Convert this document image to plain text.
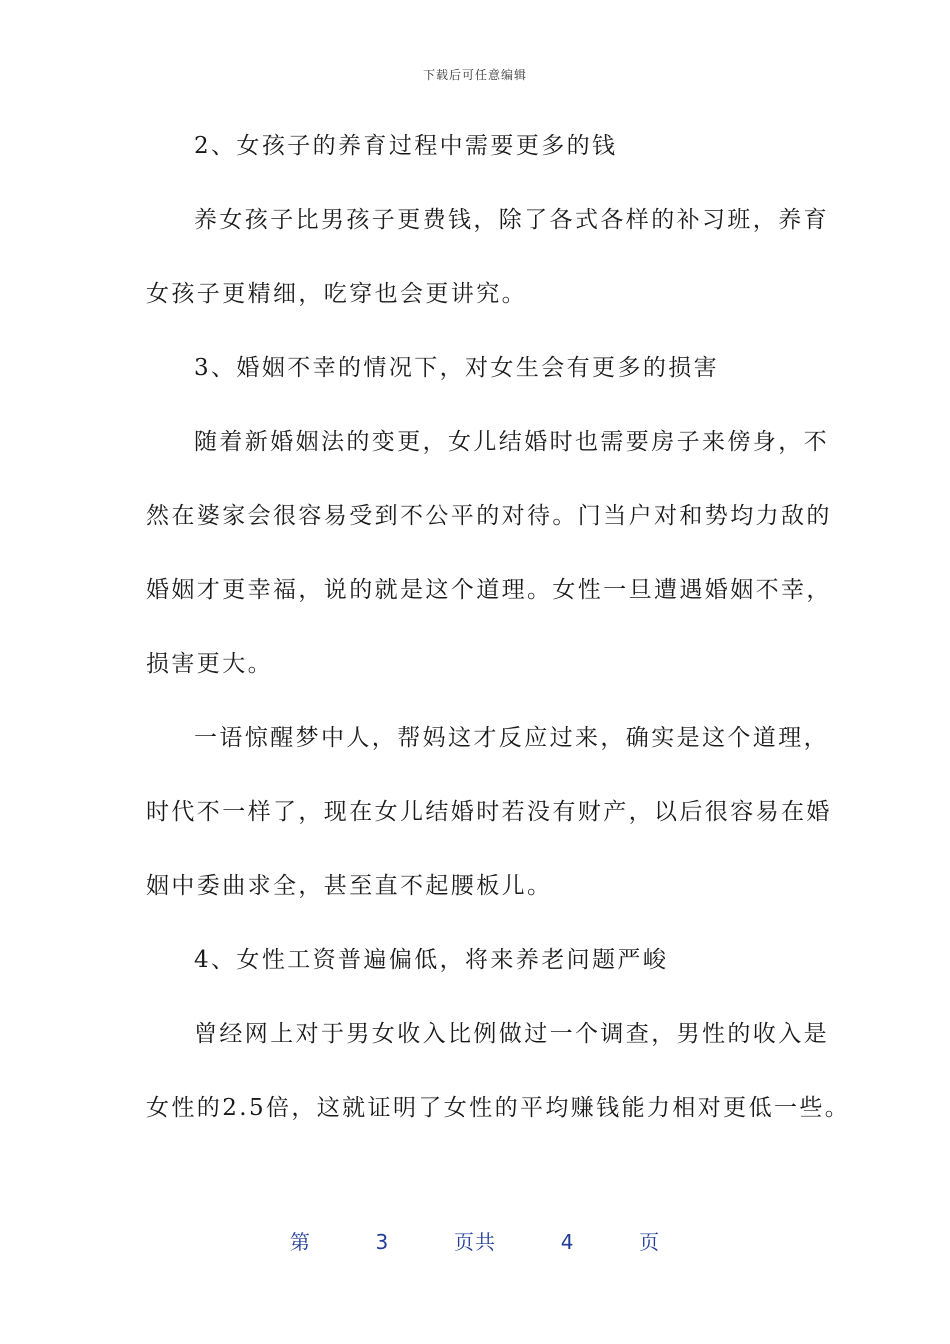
下载后可任意编辑
2、女孩子的养育过程中需要更多的钱
养女孩子比男孩子更费钱，除了各式各样的补习班，养育
女孩子更精细，吃穿也会更讲究。
3、婚姻不幸的情况下，对女生会有更多的损害
随着新婚姻法的变更，女儿结婚时也需要房子来傍身，不
然在婆家会很容易受到不公平的对待。门当户对和势均力敌的
婚姻才更幸福，说的就是这个道理。女性一旦遭遇婚姻不幸，
损害更大。
一语惊醒梦中人，帮妈这才反应过来，确实是这个道理，
时代不一样了，现在女儿结婚时若没有财产，以后很容易在婚
姻中委曲求全，甚至直不起腰板儿。
4、女性工资普遍偏低，将来养老问题严峻
曾经网上对于男女收入比例做过一个调查，男性的收入是
女性的2.5倍，这就证明了女性的平均赚钱能力相对更低一些。
第	3	页共	4	页
